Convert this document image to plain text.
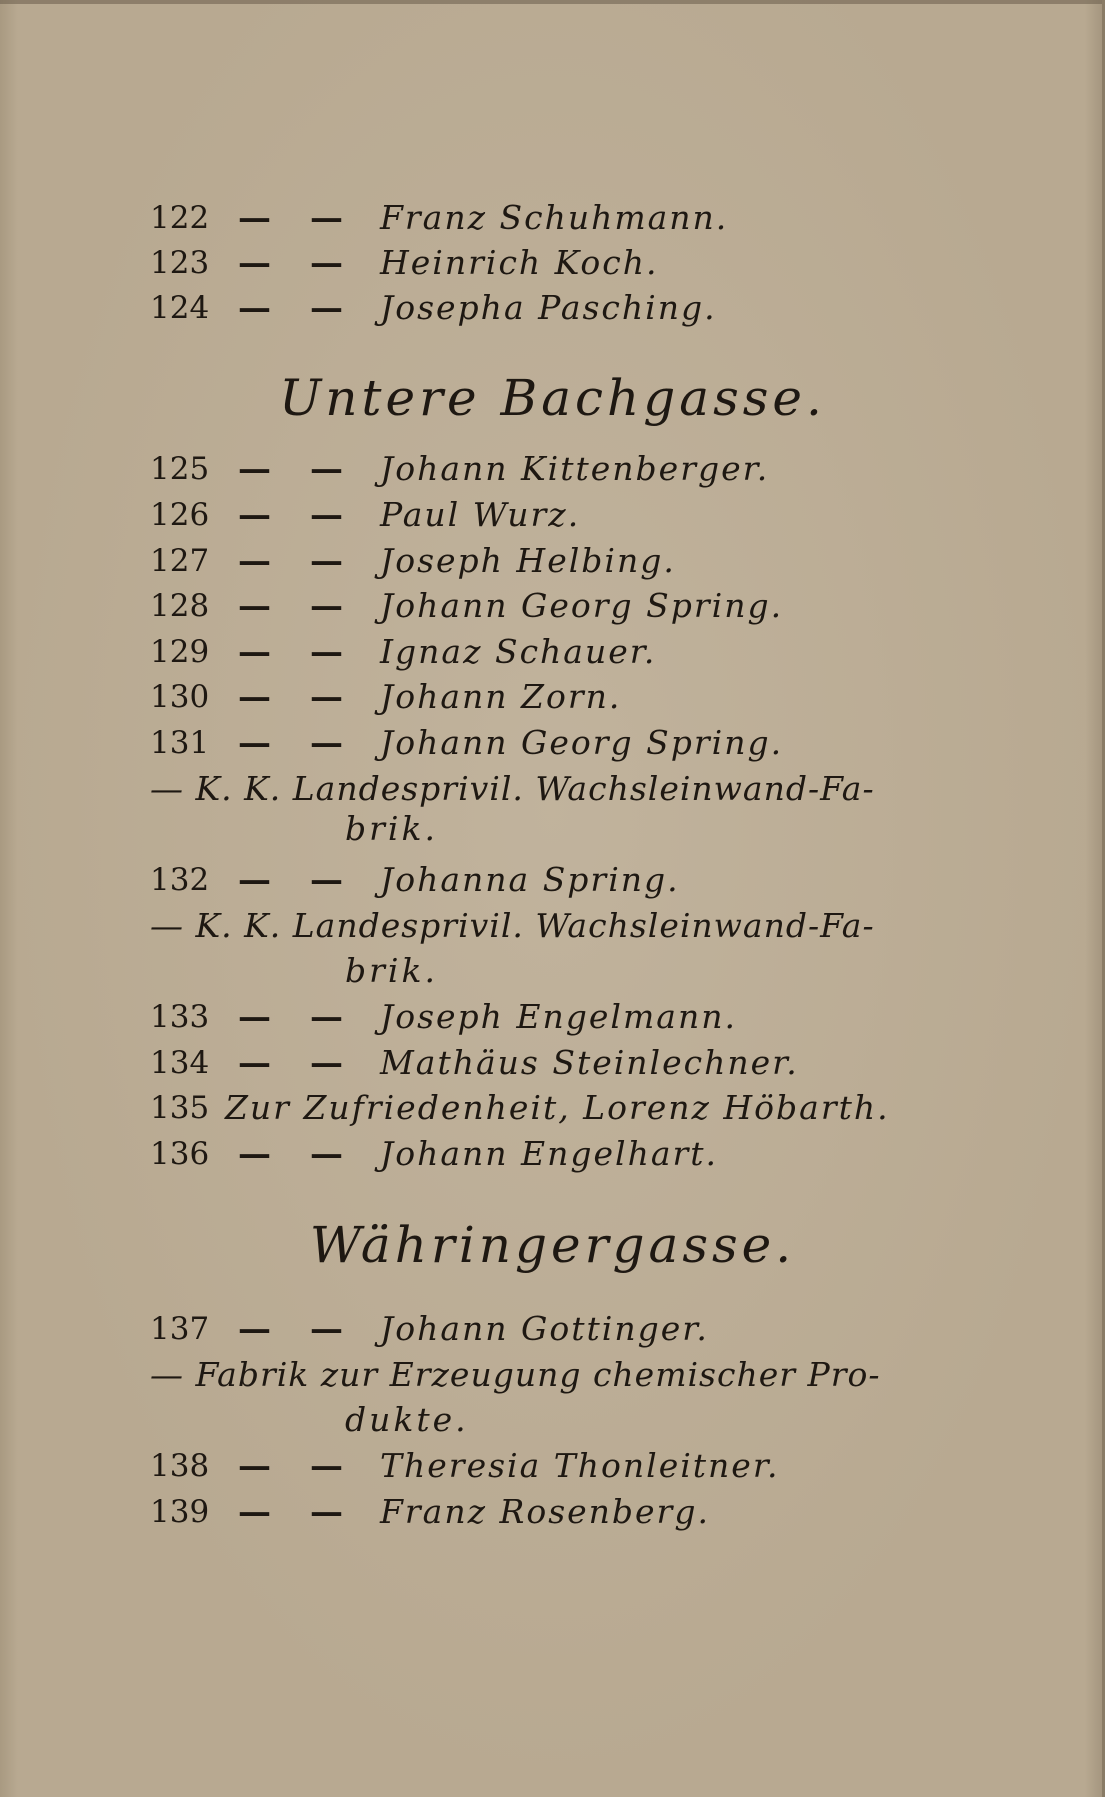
122 — — Franz Schuhmann.
123 — — Heinrich Koch.
124 — — Josepha Pasching.
Untere Bachgasse.
125 — — Johann Kittenberger.
126 — — Paul Wurz.
127 — — Joseph Helbing.
128 — — Johann Georg Spring.
129 — — Ignaz Schauer.
130 — — Johann Zorn.
131 — — Johann Georg Spring.
— K. K. Landesprivil. Wachsleinwand-Fa-
brik.
132 — — Johanna Spring.
— K. K. Landesprivil. Wachsleinwand-Fa-
brik.
133 — — Joseph Engelmann.
134 — — Mathäus Steinlechner.
135 Zur Zufriedenheit, Lorenz Höbarth.
136 — — Johann Engelhart.
Währingergasse.
137 — — Johann Gottinger.
— Fabrik zur Erzeugung chemischer Pro-
dukte.
138 — — Theresia Thonleitner.
139 — — Franz Rosenberg.
